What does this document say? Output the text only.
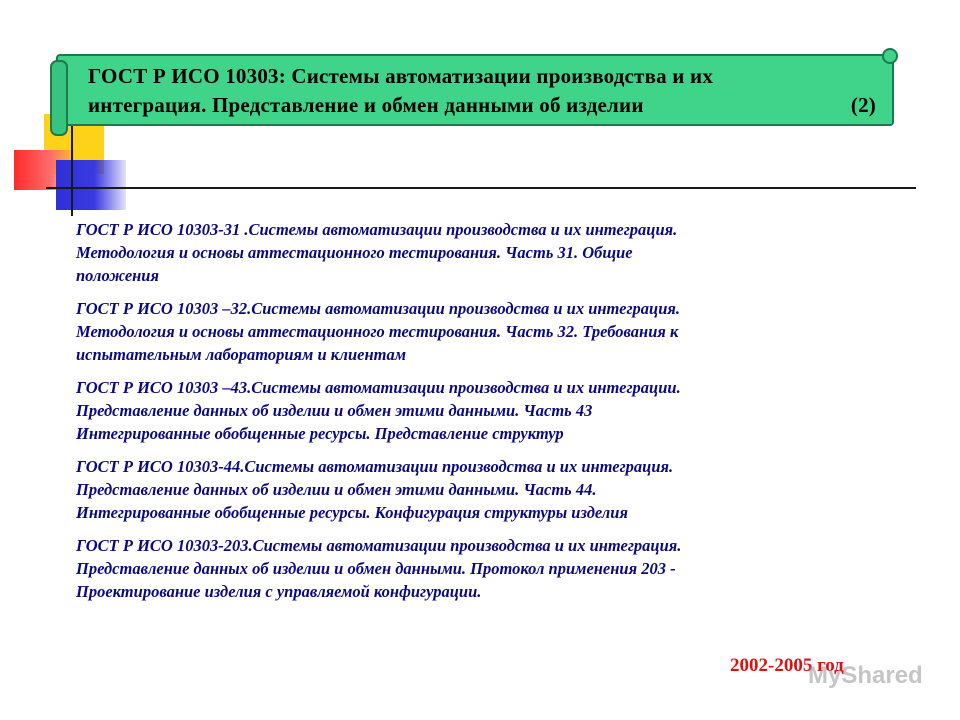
ГОСТ Р ИСО 10303: Системы автоматизации производства и их
интеграция. Представление и обмен данными об изделии	(2)

ГОСТ Р ИСО 10303-31 .Системы автоматизации производства и их интеграция.

Методология и основы аттестационного тестирования. Часть 31. Общие

положения

ГОСТ Р ИСО 10303 –32.Системы автоматизации производства и их интеграция.

Методология и основы аттестационного тестирования. Часть 32. Требования к

испытательным лабораториям и клиентам

ГОСТ Р ИСО 10303 –43.Системы автоматизации производства и их интеграции.

Представление данных об изделии и обмен этими данными. Часть 43

Интегрированные обобщенные ресурсы. Представление структур

ГОСТ Р ИСО 10303-44.Системы автоматизации производства и их интеграция.

Представление данных об изделии и обмен этими данными. Часть 44.

Интегрированные обобщенные ресурсы. Конфигурация структуры изделия

ГОСТ Р ИСО 10303-203.Системы автоматизации производства и их интеграция.

Представление данных об изделии и обмен данными. Протокол применения 203 -

Проектирование изделия с управляемой конфигурации.

2002-2005 год
MyShared
